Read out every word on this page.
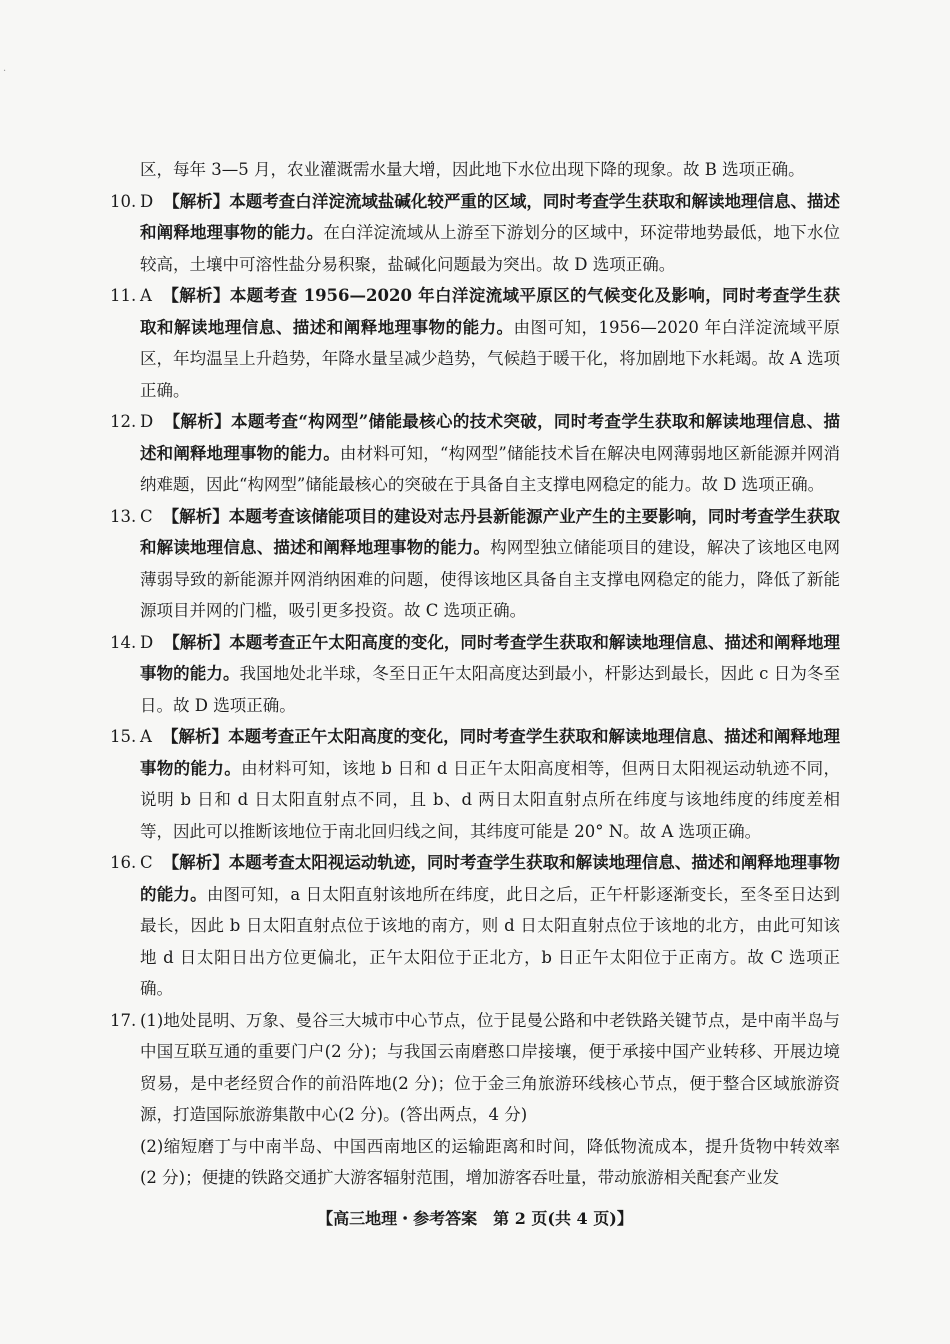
·
区，每年 3—5 月，农业灌溉需水量大增，因此地下水位出现下降的现象。故 B 选项正确。
10. D 【解析】本题考查白洋淀流域盐碱化较严重的区域，同时考查学生获取和解读地理信息、描述和阐释地理事物的能力。在白洋淀流域从上游至下游划分的区域中，环淀带地势最低，地下水位较高，土壤中可溶性盐分易积聚，盐碱化问题最为突出。故 D 选项正确。
11. A 【解析】本题考查 1956—2020 年白洋淀流域平原区的气候变化及影响，同时考查学生获取和解读地理信息、描述和阐释地理事物的能力。由图可知，1956—2020 年白洋淀流域平原区，年均温呈上升趋势，年降水量呈减少趋势，气候趋于暖干化，将加剧地下水耗竭。故 A 选项正确。
12. D 【解析】本题考查“构网型”储能最核心的技术突破，同时考查学生获取和解读地理信息、描述和阐释地理事物的能力。由材料可知，“构网型”储能技术旨在解决电网薄弱地区新能源并网消纳难题，因此“构网型”储能最核心的突破在于具备自主支撑电网稳定的能力。故 D 选项正确。
13. C 【解析】本题考查该储能项目的建设对志丹县新能源产业产生的主要影响，同时考查学生获取和解读地理信息、描述和阐释地理事物的能力。构网型独立储能项目的建设，解决了该地区电网薄弱导致的新能源并网消纳困难的问题，使得该地区具备自主支撑电网稳定的能力，降低了新能源项目并网的门槛，吸引更多投资。故 C 选项正确。
14. D 【解析】本题考查正午太阳高度的变化，同时考查学生获取和解读地理信息、描述和阐释地理事物的能力。我国地处北半球，冬至日正午太阳高度达到最小，杆影达到最长，因此 c 日为冬至日。故 D 选项正确。
15. A 【解析】本题考查正午太阳高度的变化，同时考查学生获取和解读地理信息、描述和阐释地理事物的能力。由材料可知，该地 b 日和 d 日正午太阳高度相等，但两日太阳视运动轨迹不同，说明 b 日和 d 日太阳直射点不同，且 b、d 两日太阳直射点所在纬度与该地纬度的纬度差相等，因此可以推断该地位于南北回归线之间，其纬度可能是 20° N。故 A 选项正确。
16. C 【解析】本题考查太阳视运动轨迹，同时考查学生获取和解读地理信息、描述和阐释地理事物的能力。由图可知，a 日太阳直射该地所在纬度，此日之后，正午杆影逐渐变长，至冬至日达到最长，因此 b 日太阳直射点位于该地的南方，则 d 日太阳直射点位于该地的北方，由此可知该地 d 日太阳日出方位更偏北，正午太阳位于正北方，b 日正午太阳位于正南方。故 C 选项正确。
17. (1)地处昆明、万象、曼谷三大城市中心节点，位于昆曼公路和中老铁路关键节点，是中南半岛与中国互联互通的重要门户(2 分)；与我国云南磨憨口岸接壤，便于承接中国产业转移、开展边境贸易，是中老经贸合作的前沿阵地(2 分)；位于金三角旅游环线核心节点，便于整合区域旅游资源，打造国际旅游集散中心(2 分)。(答出两点，4 分)
(2)缩短磨丁与中南半岛、中国西南地区的运输距离和时间，降低物流成本，提升货物中转效率(2 分)；便捷的铁路交通扩大游客辐射范围，增加游客吞吐量，带动旅游相关配套产业发
【高三地理・参考答案　第 2 页(共 4 页)】
